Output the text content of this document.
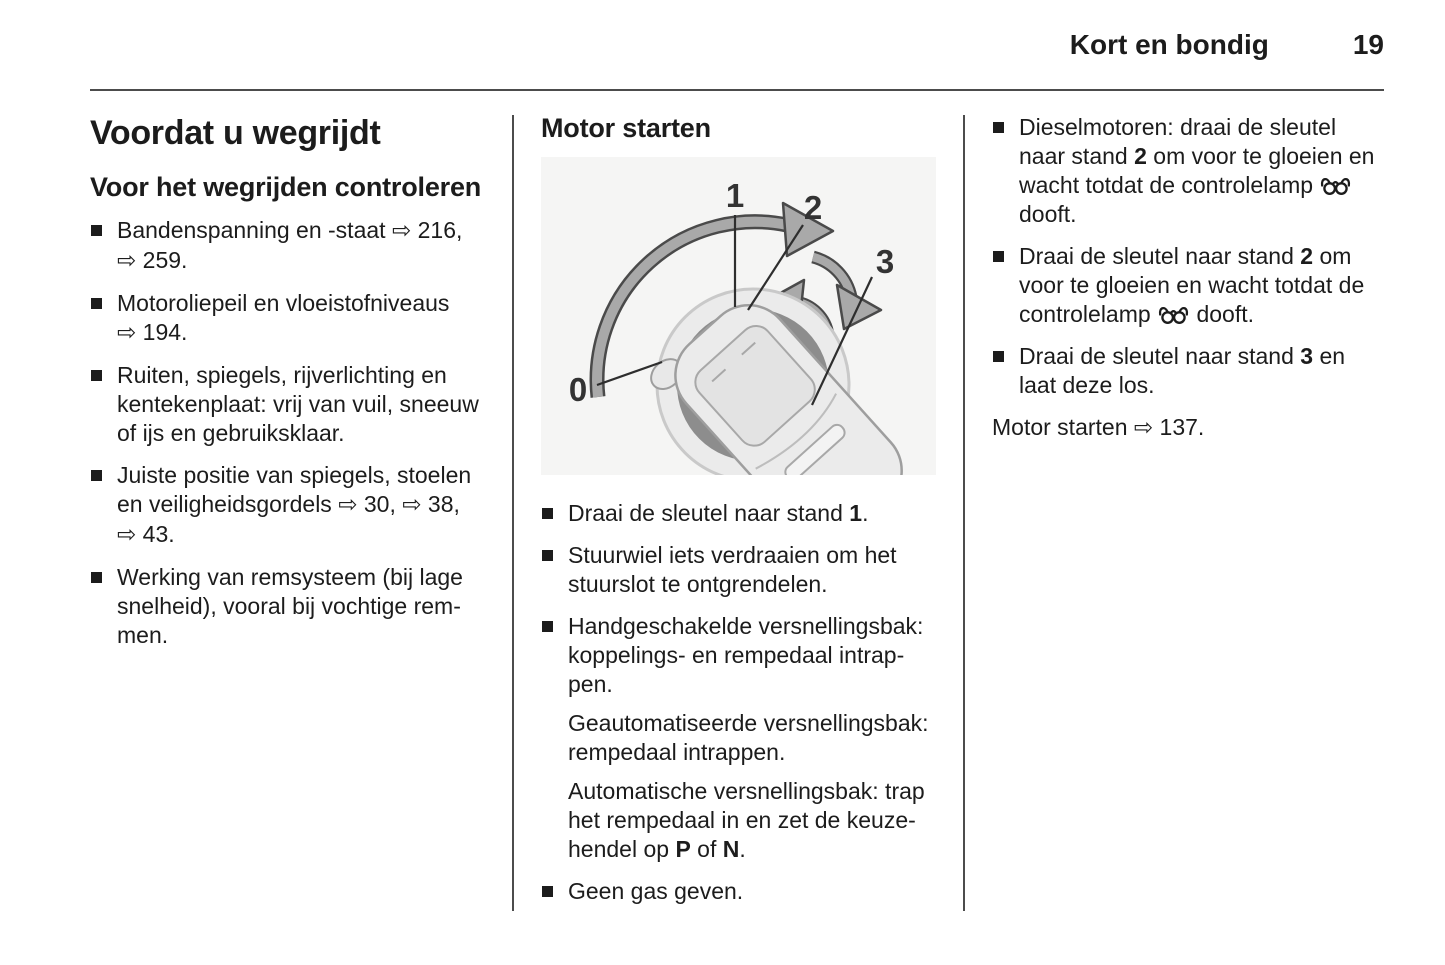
Kort en bondig	19
Voordat u wegrijdt
Voor het wegrijden controleren

Bandenspanning en -staat ⇨ 216, ⇨ 259.

Motoroliepeil en vloeistofniveaus ⇨ 194.

Ruiten, spiegels, rijverlichting en kentekenplaat: vrij van vuil, sneeuw of ijs en gebruiksklaar.

Juiste positie van spiegels, stoelen en veiligheidsgordels ⇨ 30, ⇨ 38, ⇨ 43.

Werking van remsysteem (bij lage snelheid), vooral bij vochtige remmen.

Motor starten
1 2
3
0

Draai de sleutel naar stand 1.

Stuurwiel iets verdraaien om het stuurslot te ontgrendelen.

Handgeschakelde versnellingsbak: koppelings- en rempedaal intrappen.

Geautomatiseerde versnellingsbak: rempedaal intrappen.

Automatische versnellingsbak: trap het rempedaal in en zet de keuzehendel op P of N.

Geen gas geven.

Dieselmotoren: draai de sleutel naar stand 2 om voor te gloeien en wacht totdat de controlelamp
dooft.

Draai de sleutel naar stand 2 om voor te gloeien en wacht totdat de controlelamp
dooft.

Draai de sleutel naar stand 3 en laat deze los.

Motor starten ⇨ 137.
